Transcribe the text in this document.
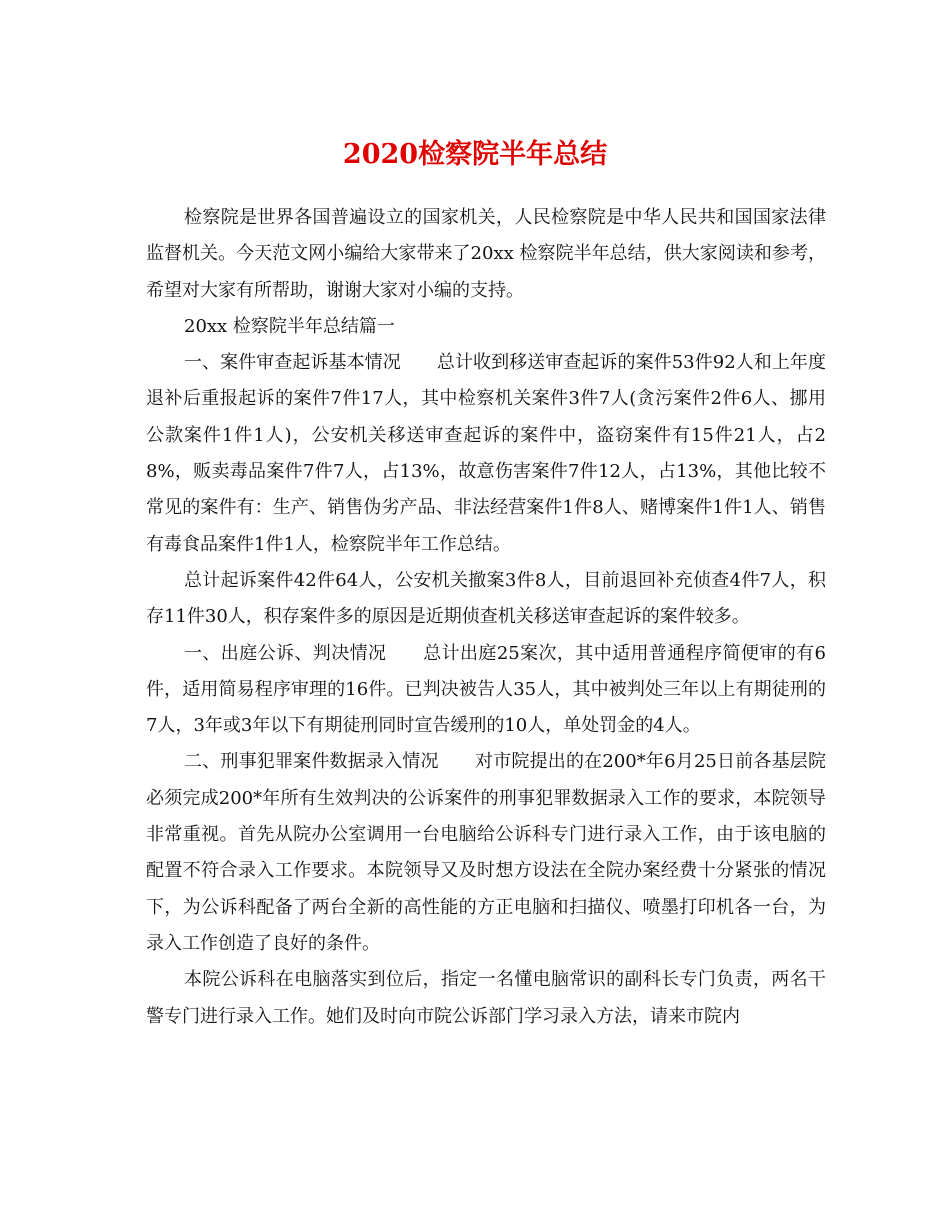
2020检察院半年总结

检察院是世界各国普遍设立的国家机关，人民检察院是中华人民共和国国家法律监督机关。今天范文网小编给大家带来了20xx 检察院半年总结，供大家阅读和参考，希望对大家有所帮助，谢谢大家对小编的支持。

20xx 检察院半年总结篇一

一、案件审查起诉基本情况　　总计收到移送审查起诉的案件53件92人和上年度退补后重报起诉的案件7件17人，其中检察机关案件3件7人(贪污案件2件6人、挪用公款案件1件1人)，公安机关移送审查起诉的案件中，盗窃案件有15件21人，占28%，贩卖毒品案件7件7人，占13%，故意伤害案件7件12人，占13%，其他比较不常见的案件有：生产、销售伪劣产品、非法经营案件1件8人、赌博案件1件1人、销售有毒食品案件1件1人，检察院半年工作总结。

总计起诉案件42件64人，公安机关撤案3件8人，目前退回补充侦查4件7人，积存11件30人，积存案件多的原因是近期侦查机关移送审查起诉的案件较多。

一、出庭公诉、判决情况　　总计出庭25案次，其中适用普通程序简便审的有6件，适用简易程序审理的16件。已判决被告人35人，其中被判处三年以上有期徒刑的7人，3年或3年以下有期徒刑同时宣告缓刑的10人，单处罚金的4人。

二、刑事犯罪案件数据录入情况　　对市院提出的在200*年6月25日前各基层院必须完成200*年所有生效判决的公诉案件的刑事犯罪数据录入工作的要求，本院领导非常重视。首先从院办公室调用一台电脑给公诉科专门进行录入工作，由于该电脑的配置不符合录入工作要求。本院领导又及时想方设法在全院办案经费十分紧张的情况下，为公诉科配备了两台全新的高性能的方正电脑和扫描仪、喷墨打印机各一台，为录入工作创造了良好的条件。

本院公诉科在电脑落实到位后，指定一名懂电脑常识的副科长专门负责，两名干警专门进行录入工作。她们及时向市院公诉部门学习录入方法，请来市院内
